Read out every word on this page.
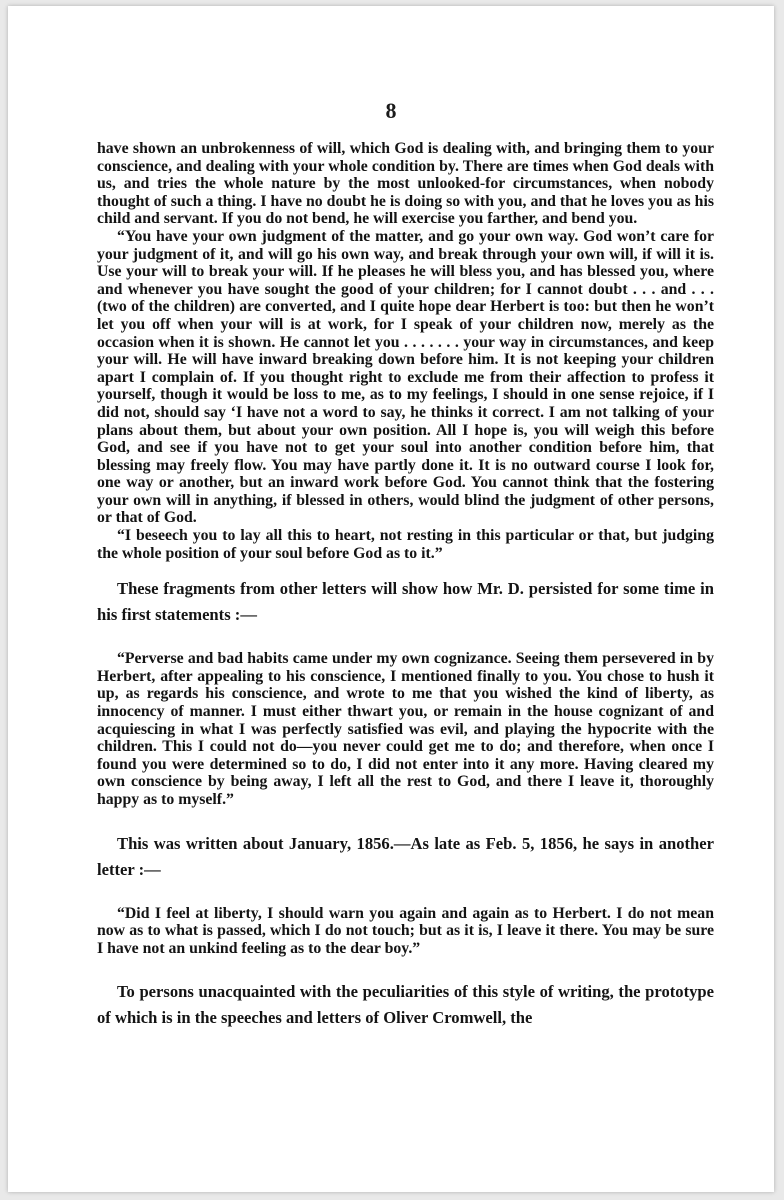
8

have shown an unbrokenness of will, which God is dealing with, and bringing them to your conscience, and dealing with your whole condition by. There are times when God deals with us, and tries the whole nature by the most unlooked-for circumstances, when nobody thought of such a thing. I have no doubt he is doing so with you, and that he loves you as his child and servant. If you do not bend, he will exercise you farther, and bend you.

“You have your own judgment of the matter, and go your own way. God won’t care for your judgment of it, and will go his own way, and break through your own will, if will it is. Use your will to break your will. If he pleases he will bless you, and has blessed you, where and whenever you have sought the good of your children; for I cannot doubt . . . and . . . (two of the children) are converted, and I quite hope dear Herbert is too: but then he won’t let you off when your will is at work, for I speak of your children now, merely as the occasion when it is shown. He cannot let you . . . . . . . your way in circumstances, and keep your will. He will have inward breaking down before him. It is not keeping your children apart I complain of. If you thought right to exclude me from their affection to profess it yourself, though it would be loss to me, as to my feelings, I should in one sense rejoice, if I did not, should say ‘I have not a word to say, he thinks it correct. I am not talking of your plans about them, but about your own position. All I hope is, you will weigh this before God, and see if you have not to get your soul into another condition before him, that blessing may freely flow. You may have partly done it. It is no outward course I look for, one way or another, but an inward work before God. You cannot think that the fostering your own will in anything, if blessed in others, would blind the judgment of other persons, or that of God.

“I beseech you to lay all this to heart, not resting in this particular or that, but judging the whole position of your soul before God as to it.”

These fragments from other letters will show how Mr. D. persisted for some time in his first statements :—

“Perverse and bad habits came under my own cognizance. Seeing them persevered in by Herbert, after appealing to his conscience, I mentioned finally to you. You chose to hush it up, as regards his conscience, and wrote to me that you wished the kind of liberty, as innocency of manner. I must either thwart you, or remain in the house cognizant of and acquiescing in what I was perfectly satisfied was evil, and playing the hypocrite with the children. This I could not do—you never could get me to do; and therefore, when once I found you were determined so to do, I did not enter into it any more. Having cleared my own conscience by being away, I left all the rest to God, and there I leave it, thoroughly happy as to myself.”

This was written about January, 1856.—As late as Feb. 5, 1856, he says in another letter :—

“Did I feel at liberty, I should warn you again and again as to Herbert. I do not mean now as to what is passed, which I do not touch; but as it is, I leave it there. You may be sure I have not an unkind feeling as to the dear boy.”

To persons unacquainted with the peculiarities of this style of writing, the prototype of which is in the speeches and letters of Oliver Cromwell, the
